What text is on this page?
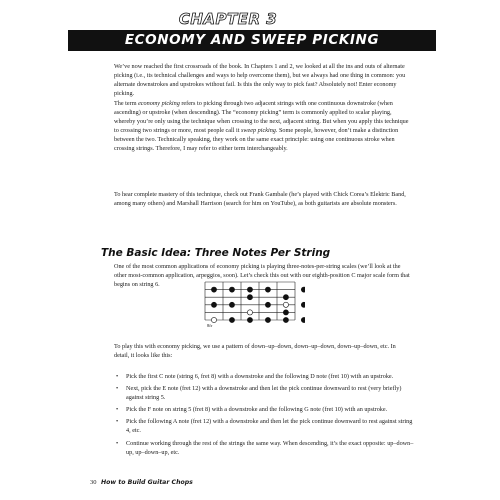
CHAPTER 3
ECONOMY AND SWEEP PICKING

We’ve now reached the first crossroads of the book. In Chapters 1 and 2, we looked at all the ins and outs of alternate picking (i.e., its technical challenges and ways to help overcome them), but we always had one thing in common: you alternate downstrokes and upstrokes without fail. Is this the only way to pick fast? Absolutely not! Enter economy picking.

The term economy picking refers to picking through two adjacent strings with one continuous downstroke (when ascending) or upstroke (when descending). The “economy picking” term is commonly applied to scalar playing, whereby you’re only using the technique when crossing to the next, adjacent string. But when you apply this technique to crossing two strings or more, most people call it sweep picking. Some people, however, don’t make a distinction between the two. Technically speaking, they work on the same exact principle: using one continuous stroke when crossing strings. Therefore, I may refer to either term interchangeably.

To hear complete mastery of this technique, check out Frank Gambale (he’s played with Chick Corea’s Elektric Band, among many others) and Marshall Harrison (search for him on YouTube), as both guitarists are absolute monsters.

The Basic Idea: Three Notes Per String

One of the most common applications of economy picking is playing three-notes-per-string scales (we’ll look at the other most-common application, arpeggios, soon). Let’s check this out with our eighth-position C major scale form that begins on string 6.

8fr

To play this with economy picking, we use a pattern of down–up–down, down–up–down, down–up–down, etc. In detail, it looks like this:

• Pick the first C note (string 6, fret 8) with a downstroke and the following D note (fret 10) with an upstroke.
• Next, pick the E note (fret 12) with a downstroke and then let the pick continue downward to rest (very briefly) against string 5.
• Pick the F note on string 5 (fret 8) with a downstroke and the following G note (fret 10) with an upstroke.
• Pick the following A note (fret 12) with a downstroke and then let the pick continue downward to rest against string 4, etc.
• Continue working through the rest of the strings the same way. When descending, it’s the exact opposite: up–down–up, up–down–up, etc.
30 How to Build Guitar Chops
